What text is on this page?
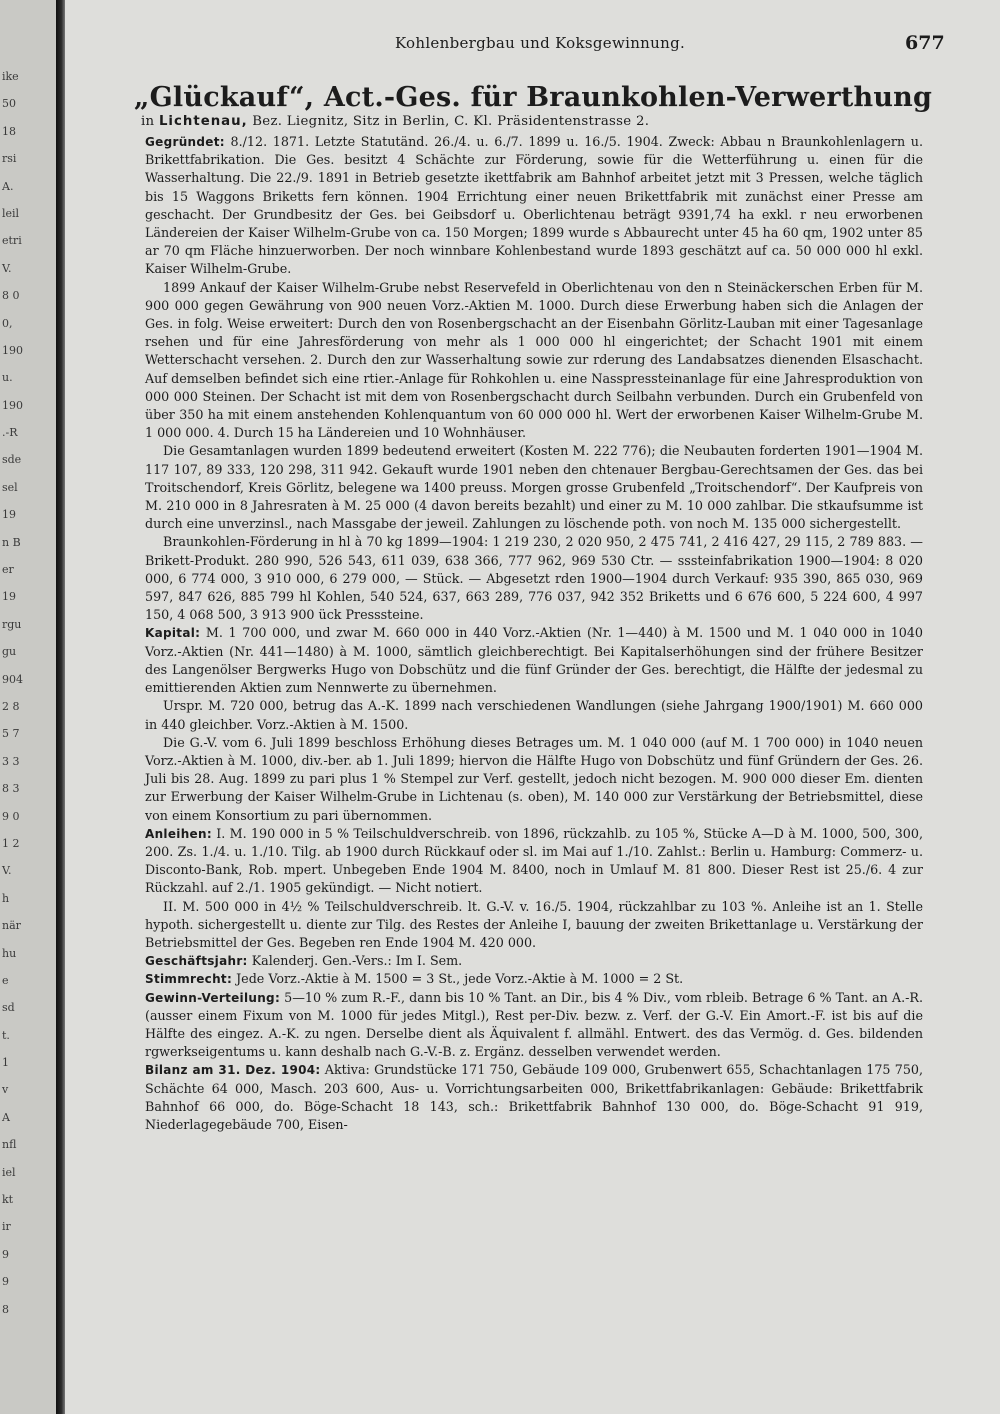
ike
50
18
rsi
A.
leil
etri
V.
8 0
0,
190
u.
190
.-R
sde
sel
19
n B
er
19
rgu
gu
904
2 8
5 7
3 3
8 3
9 0
1 2
V.
h
när
hu
e
sd
t.
1
v
A
nfl
iel
kt
ir
9
9
8
Kohlenbergbau und Koksgewinnung.	677
„Glückauf“, Act.-Ges. für Braunkohlen-Verwerthung
in Lichtenau, Bez. Liegnitz, Sitz in Berlin, C. Kl. Präsidentenstrasse 2.

Gegründet: 8./12. 1871. Letzte Statutänd. 26./4. u. 6./7. 1899 u. 16./5. 1904. Zweck: Abbau n Braunkohlenlagern u. Brikettfabrikation. Die Ges. besitzt 4 Schächte zur Förderung, sowie für die Wetterführung u. einen für die Wasserhaltung. Die 22./9. 1891 in Betrieb gesetzte ikettfabrik am Bahnhof arbeitet jetzt mit 3 Pressen, welche täglich bis 15 Waggons Briketts fern können. 1904 Errichtung einer neuen Brikettfabrik mit zunächst einer Presse am geschacht. Der Grundbesitz der Ges. bei Geibsdorf u. Oberlichtenau beträgt 9391,74 ha exkl. r neu erworbenen Ländereien der Kaiser Wilhelm-Grube von ca. 150 Morgen; 1899 wurde s Abbaurecht unter 45 ha 60 qm, 1902 unter 85 ar 70 qm Fläche hinzuerworben. Der noch winnbare Kohlenbestand wurde 1893 geschätzt auf ca. 50 000 000 hl exkl. Kaiser Wilhelm-Grube.

1899 Ankauf der Kaiser Wilhelm-Grube nebst Reservefeld in Oberlichtenau von den n Steinäckerschen Erben für M. 900 000 gegen Gewährung von 900 neuen Vorz.-Aktien M. 1000. Durch diese Erwerbung haben sich die Anlagen der Ges. in folg. Weise erweitert: Durch den von Rosenbergschacht an der Eisenbahn Görlitz-Lauban mit einer Tagesanlage rsehen und für eine Jahresförderung von mehr als 1 000 000 hl eingerichtet; der Schacht 1901 mit einem Wetterschacht versehen. 2. Durch den zur Wasserhaltung sowie zur rderung des Landabsatzes dienenden Elsaschacht. Auf demselben befindet sich eine rtier.-Anlage für Rohkohlen u. eine Nasspressteinanlage für eine Jahresproduktion von 000 000 Steinen. Der Schacht ist mit dem von Rosenbergschacht durch Seilbahn verbunden. Durch ein Grubenfeld von über 350 ha mit einem anstehenden Kohlenquantum von 60 000 000 hl. Wert der erworbenen Kaiser Wilhelm-Grube M. 1 000 000. 4. Durch 15 ha Ländereien und 10 Wohnhäuser.

Die Gesamtanlagen wurden 1899 bedeutend erweitert (Kosten M. 222 776); die Neubauten forderten 1901—1904 M. 117 107, 89 333, 120 298, 311 942. Gekauft wurde 1901 neben den chtenauer Bergbau-Gerechtsamen der Ges. das bei Troitschendorf, Kreis Görlitz, belegene wa 1400 preuss. Morgen grosse Grubenfeld „Troitschendorf“. Der Kaufpreis von M. 210 000 in 8 Jahresraten à M. 25 000 (4 davon bereits bezahlt) und einer zu M. 10 000 zahlbar. Die stkaufsumme ist durch eine unverzinsl., nach Massgabe der jeweil. Zahlungen zu löschende poth. von noch M. 135 000 sichergestellt.

Braunkohlen-Förderung in hl à 70 kg 1899—1904: 1 219 230, 2 020 950, 2 475 741, 2 416 427, 29 115, 2 789 883. — Brikett-Produkt. 280 990, 526 543, 611 039, 638 366, 777 962, 969 530 Ctr. — sssteinfabrikation 1900—1904: 8 020 000, 6 774 000, 3 910 000, 6 279 000, — Stück. — Abgesetzt rden 1900—1904 durch Verkauf: 935 390, 865 030, 969 597, 847 626, 885 799 hl Kohlen, 540 524, 637, 663 289, 776 037, 942 352 Briketts und 6 676 600, 5 224 600, 4 997 150, 4 068 500, 3 913 900 ück Presssteine.

Kapital: M. 1 700 000, und zwar M. 660 000 in 440 Vorz.-Aktien (Nr. 1—440) à M. 1500 und M. 1 040 000 in 1040 Vorz.-Aktien (Nr. 441—1480) à M. 1000, sämtlich gleichberechtigt. Bei Kapitalserhöhungen sind der frühere Besitzer des Langenölser Bergwerks Hugo von Dobschütz und die fünf Gründer der Ges. berechtigt, die Hälfte der jedesmal zu emittierenden Aktien zum Nennwerte zu übernehmen.

Urspr. M. 720 000, betrug das A.-K. 1899 nach verschiedenen Wandlungen (siehe Jahrgang 1900/1901) M. 660 000 in 440 gleichber. Vorz.-Aktien à M. 1500.

Die G.-V. vom 6. Juli 1899 beschloss Erhöhung dieses Betrages um. M. 1 040 000 (auf M. 1 700 000) in 1040 neuen Vorz.-Aktien à M. 1000, div.-ber. ab 1. Juli 1899; hiervon die Hälfte Hugo von Dobschütz und fünf Gründern der Ges. 26. Juli bis 28. Aug. 1899 zu pari plus 1 % Stempel zur Verf. gestellt, jedoch nicht bezogen. M. 900 000 dieser Em. dienten zur Erwerbung der Kaiser Wilhelm-Grube in Lichtenau (s. oben), M. 140 000 zur Verstärkung der Betriebsmittel, diese von einem Konsortium zu pari übernommen.

Anleihen: I. M. 190 000 in 5 % Teilschuldverschreib. von 1896, rückzahlb. zu 105 %, Stücke A—D à M. 1000, 500, 300, 200. Zs. 1./4. u. 1./10. Tilg. ab 1900 durch Rückkauf oder sl. im Mai auf 1./10. Zahlst.: Berlin u. Hamburg: Commerz- u. Disconto-Bank, Rob. mpert. Unbegeben Ende 1904 M. 8400, noch in Umlauf M. 81 800. Dieser Rest ist 25./6. 4 zur Rückzahl. auf 2./1. 1905 gekündigt. — Nicht notiert.

II. M. 500 000 in 4½ % Teilschuldverschreib. lt. G.-V. v. 16./5. 1904, rückzahlbar zu 103 %. Anleihe ist an 1. Stelle hypoth. sichergestellt u. diente zur Tilg. des Restes der Anleihe I, bauung der zweiten Brikettanlage u. Verstärkung der Betriebsmittel der Ges. Begeben ren Ende 1904 M. 420 000.

Geschäftsjahr: Kalenderj. Gen.-Vers.: Im I. Sem.

Stimmrecht: Jede Vorz.-Aktie à M. 1500 = 3 St., jede Vorz.-Aktie à M. 1000 = 2 St.

Gewinn-Verteilung: 5—10 % zum R.-F., dann bis 10 % Tant. an Dir., bis 4 % Div., vom rbleib. Betrage 6 % Tant. an A.-R. (ausser einem Fixum von M. 1000 für jedes Mitgl.), Rest per-Div. bezw. z. Verf. der G.-V. Ein Amort.-F. ist bis auf die Hälfte des eingez. A.-K. zu ngen. Derselbe dient als Äquivalent f. allmähl. Entwert. des das Vermög. d. Ges. bildenden rgwerkseigentums u. kann deshalb nach G.-V.-B. z. Ergänz. desselben verwendet werden.

Bilanz am 31. Dez. 1904: Aktiva: Grundstücke 171 750, Gebäude 109 000, Grubenwert 655, Schachtanlagen 175 750, Schächte 64 000, Masch. 203 600, Aus- u. Vorrichtungsarbeiten 000, Brikettfabrikanlagen: Gebäude: Brikettfabrik Bahnhof 66 000, do. Böge-Schacht 18 143, sch.: Brikettfabrik Bahnhof 130 000, do. Böge-Schacht 91 919, Niederlagegebäude 700, Eisen-
